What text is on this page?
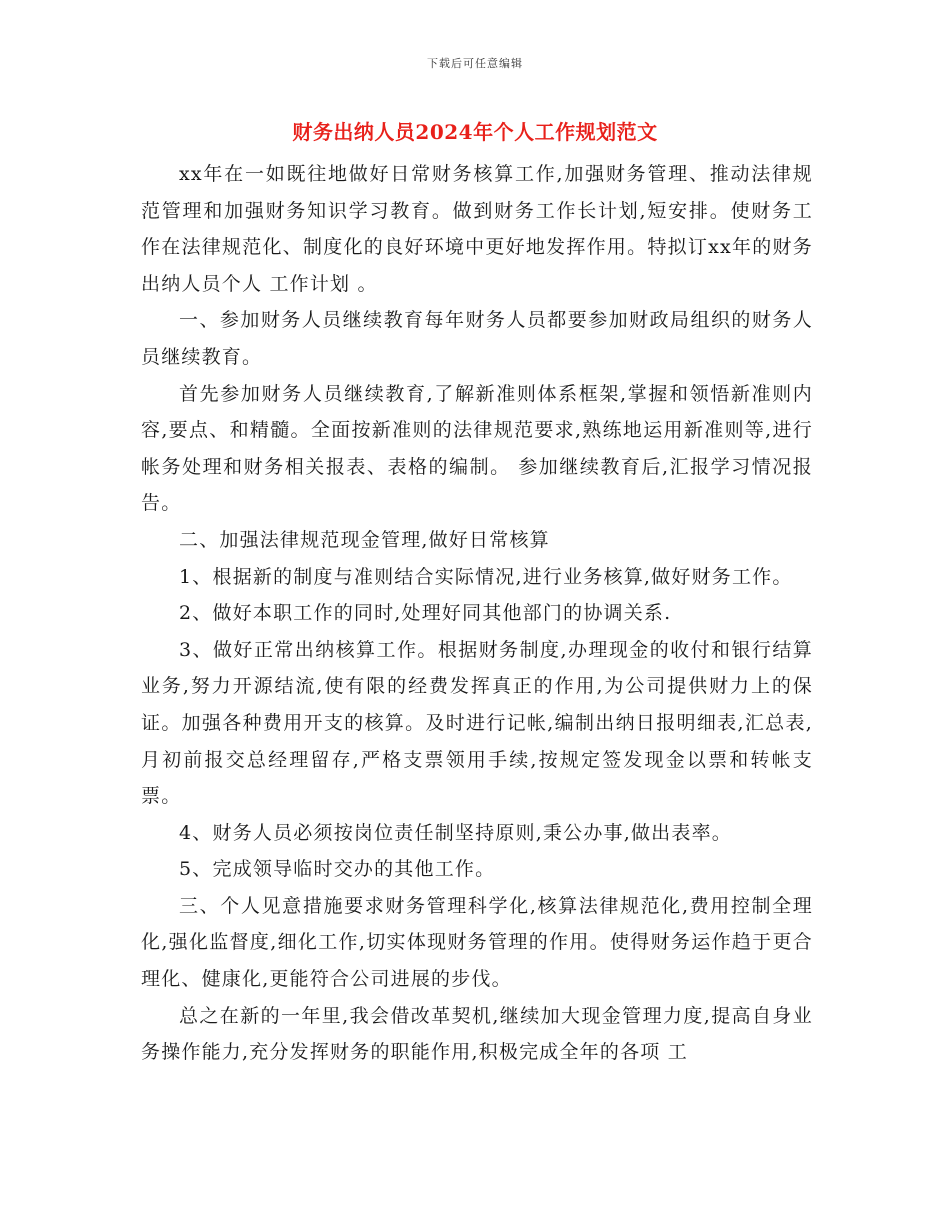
下载后可任意编辑
财务出纳人员2024年个人工作规划范文

xx年在一如既往地做好日常财务核算工作,加强财务管理、推动法律规范管理和加强财务知识学习教育。做到财务工作长计划,短安排。使财务工作在法律规范化、制度化的良好环境中更好地发挥作用。特拟订xx年的财务出纳人员个人 工作计划 。

一、参加财务人员继续教育每年财务人员都要参加财政局组织的财务人员继续教育。

首先参加财务人员继续教育,了解新准则体系框架,掌握和领悟新准则内容,要点、和精髓。全面按新准则的法律规范要求,熟练地运用新准则等,进行帐务处理和财务相关报表、表格的编制。 参加继续教育后,汇报学习情况报告。

二、加强法律规范现金管理,做好日常核算

1、根据新的制度与准则结合实际情况,进行业务核算,做好财务工作。

2、做好本职工作的同时,处理好同其他部门的协调关系.

3、做好正常出纳核算工作。根据财务制度,办理现金的收付和银行结算业务,努力开源结流,使有限的经费发挥真正的作用,为公司提供财力上的保证。加强各种费用开支的核算。及时进行记帐,编制出纳日报明细表,汇总表,月初前报交总经理留存,严格支票领用手续,按规定签发现金以票和转帐支票。

4、财务人员必须按岗位责任制坚持原则,秉公办事,做出表率。

5、完成领导临时交办的其他工作。

三、个人见意措施要求财务管理科学化,核算法律规范化,费用控制全理化,强化监督度,细化工作,切实体现财务管理的作用。使得财务运作趋于更合理化、健康化,更能符合公司进展的步伐。

总之在新的一年里,我会借改革契机,继续加大现金管理力度,提高自身业务操作能力,充分发挥财务的职能作用,积极完成全年的各项 工
